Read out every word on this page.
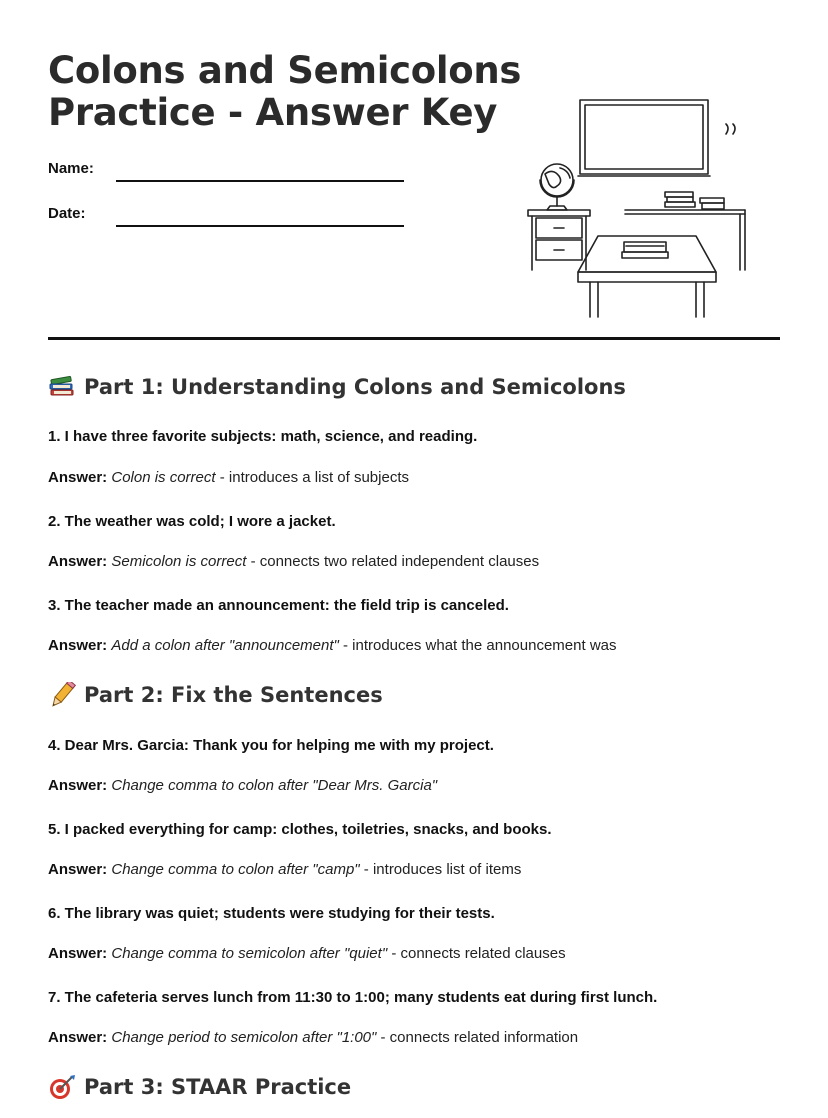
Colons and Semicolons
Practice - Answer Key
Name:
Date:
Part 1: Understanding Colons and Semicolons
1. I have three favorite subjects: math, science, and reading.
Answer: Colon is correct - introduces a list of subjects
2. The weather was cold; I wore a jacket.
Answer: Semicolon is correct - connects two related independent clauses
3. The teacher made an announcement: the field trip is canceled.
Answer: Add a colon after "announcement" - introduces what the announcement was
Part 2: Fix the Sentences
4. Dear Mrs. Garcia: Thank you for helping me with my project.
Answer: Change comma to colon after "Dear Mrs. Garcia"
5. I packed everything for camp: clothes, toiletries, snacks, and books.
Answer: Change comma to colon after "camp" - introduces list of items
6. The library was quiet; students were studying for their tests.
Answer: Change comma to semicolon after "quiet" - connects related clauses
7. The cafeteria serves lunch from 11:30 to 1:00; many students eat during first lunch.
Answer: Change period to semicolon after "1:00" - connects related information
Part 3: STAAR Practice
